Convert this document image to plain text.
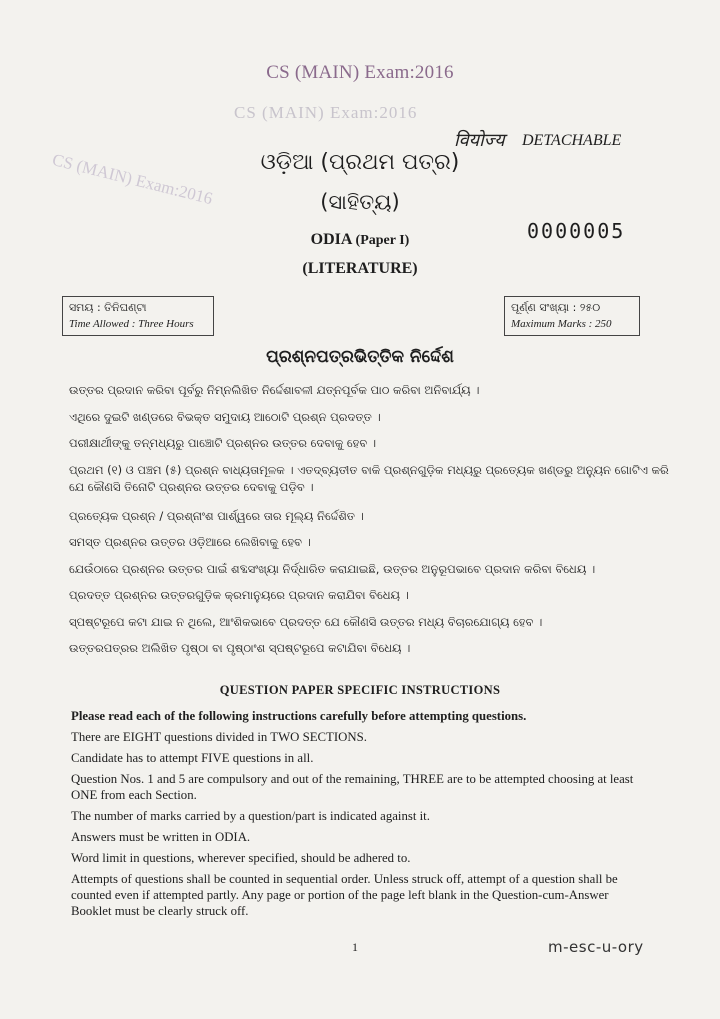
CS (MAIN) Exam:2016
CS (MAIN) Exam:2016
CS (MAIN) Exam:2016
वियोज्य DETACHABLE
ଓଡ଼ିଆ (ପ୍ରଥମ ପତ୍ର)
(ସାହିତ୍ୟ)
0000005
ODIA (Paper I)
(LITERATURE)
ସମୟ : ତିନିଘଣ୍ଟା
Time Allowed : Three Hours
ପୂର୍ଣ୍ଣ ସଂଖ୍ୟା : ୨୫୦
Maximum Marks : 250
ପ୍ରଶ୍ନପତ୍ରଭିତ୍ତିକ ନିର୍ଦ୍ଦେଶ
ଉତ୍ତର ପ୍ରଦାନ କରିବା ପୂର୍ବରୁ ନିମ୍ନଲିଖିତ ନିର୍ଦ୍ଦେଶାବଳୀ ଯତ୍ନପୂର୍ବକ ପାଠ କରିବା ଅନିବାର୍ଯ୍ୟ ।
ଏଥିରେ ଦୁଇଟି ଖଣ୍ଡରେ ବିଭକ୍ତ ସମୁଦାୟ ଆଠୋଟି ପ୍ରଶ୍ନ ପ୍ରଦତ୍ତ ।
ପରୀକ୍ଷାର୍ଥୀଙ୍କୁ ତନ୍ମଧ୍ୟରୁ ପାଞ୍ଚୋଟି ପ୍ରଶ୍ନର ଉତ୍ତର ଦେବାକୁ ହେବ ।
ପ୍ରଥମ (୧) ଓ ପଞ୍ଚମ (୫) ପ୍ରଶ୍ନ ବାଧ୍ୟତାମୂଳକ । ଏତଦ୍‌ବ୍ୟତୀତ ବାକି ପ୍ରଶ୍ନଗୁଡ଼ିକ ମଧ୍ୟରୁ ପ୍ରତ୍ୟେକ ଖଣ୍ଡରୁ ଅନ୍ୟୁନ ଗୋଟିଏ କରି ଯେ କୌଣସି ତିନୋଟି ପ୍ରଶ୍ନର ଉତ୍ତର ଦେବାକୁ ପଡ଼ିବ ।
ପ୍ରତ୍ୟେକ ପ୍ରଶ୍ନ / ପ୍ରଶ୍ନାଂଶ ପାର୍ଶ୍ୱରେ ତାର ମୂଲ୍ୟ ନିର୍ଦ୍ଦେଶିତ ।
ସମସ୍ତ ପ୍ରଶ୍ନର ଉତ୍ତର ଓଡ଼ିଆରେ ଲେଖିବାକୁ ହେବ ।
ଯେଉଁଠାରେ ପ୍ରଶ୍ନର ଉତ୍ତର ପାଇଁ ଶବ୍ଦସଂଖ୍ୟା ନିର୍ଦ୍ଧାରିତ କରାଯାଇଛି, ଉତ୍ତର ଅନୁରୂପଭାବେ ପ୍ରଦାନ କରିବା ବିଧେୟ ।
ପ୍ରଦତ୍ତ ପ୍ରଶ୍ନର ଉତ୍ତରଗୁଡ଼ିକ କ୍ରମାନୁୟରେ ପ୍ରଦାନ କରାଯିବା ବିଧେୟ ।
ସ୍ପଷ୍ଟରୂପେ କଟା ଯାଇ ନ ଥିଲେ, ଆଂଶିକଭାବେ ପ୍ରଦତ୍ତ ଯେ କୌଣସି ଉତ୍ତର ମଧ୍ୟ ବିଚାରଯୋଗ୍ୟ ହେବ ।
ଉତ୍ତରପତ୍ରର ଅଲିଖିତ ପୃଷ୍ଠା ବା ପୃଷ୍ଠାଂଶ ସ୍ପଷ୍ଟରୂପେ କଟାଯିବା ବିଧେୟ ।
QUESTION PAPER SPECIFIC INSTRUCTIONS

Please read each of the following instructions carefully before attempting questions.

There are EIGHT questions divided in TWO SECTIONS.

Candidate has to attempt FIVE questions in all.

Question Nos. 1 and 5 are compulsory and out of the remaining, THREE are to be attempted choosing at least ONE from each Section.

The number of marks carried by a question/part is indicated against it.

Answers must be written in ODIA.

Word limit in questions, wherever specified, should be adhered to.

Attempts of questions shall be counted in sequential order. Unless struck off, attempt of a question shall be counted even if attempted partly. Any page or portion of the page left blank in the Question-cum-Answer Booklet must be clearly struck off.

1	m-esc-u-ory
